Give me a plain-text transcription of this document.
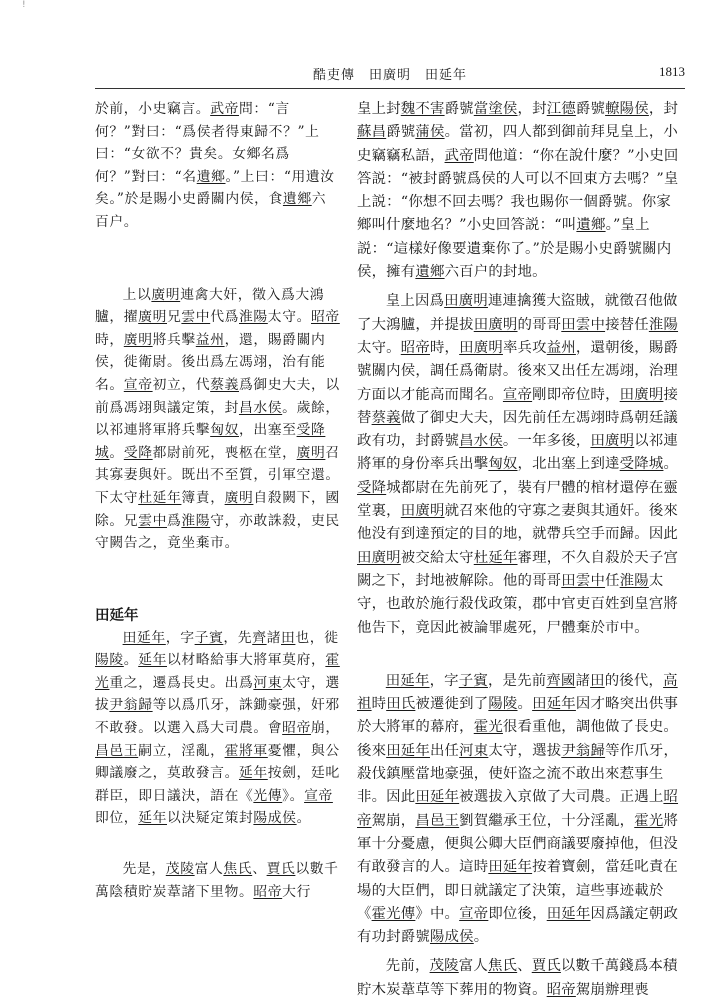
酷吏傳　田廣明　田延年	1813
!

於前，小史竊言。武帝問：“言何？”對曰：“爲侯者得東歸不？”上曰：“女欲不？貴矣。女鄉名爲何？”對曰：“名遺鄉。”上曰：“用遺汝矣。”於是賜小史爵關内侯，食遺鄉六百户。

上以廣明連禽大奸，徵入爲大鴻臚，擢廣明兄雲中代爲淮陽太守。昭帝時，廣明將兵擊益州，還，賜爵關内侯，徙衛尉。後出爲左馮翊，治有能名。宣帝初立，代蔡義爲御史大夫，以前爲馮翊與議定策，封昌水侯。歲餘，以祁連將軍將兵擊匈奴，出塞至受降城。受降都尉前死，喪柩在堂，廣明召其寡妻與奸。既出不至質，引軍空還。下太守杜延年簿責，廣明自殺闕下，國除。兄雲中爲淮陽守，亦敢誅殺，吏民守闕告之，竟坐棄市。

田延年

田延年，字子賓，先齊諸田也，徙陽陵。延年以材略給事大將軍莫府，霍光重之，遷爲長史。出爲河東太守，選拔尹翁歸等以爲爪牙，誅鋤豪强，奸邪不敢發。以選入爲大司農。會昭帝崩，昌邑王嗣立，淫亂，霍將軍憂懼，與公卿議廢之，莫敢發言。延年按劍，廷叱群臣，即日議決，語在《光傳》。宣帝即位，延年以決疑定策封陽成侯。

先是，茂陵富人焦氏、賈氏以數千萬陰積貯炭葦諸下里物。昭帝大行

皇上封魏不害爵號當塗侯，封江德爵號轑陽侯，封蘇昌爵號蒲侯。當初，四人都到御前拜見皇上，小史竊竊私語，武帝問他道：“你在說什麼？”小史回答説：“被封爵號爲侯的人可以不回東方去嗎？”皇上説：“你想不回去嗎？我也賜你一個爵號。你家鄉叫什麼地名？”小史回答説：“叫遺鄉。”皇上説：“這樣好像要遺棄你了。”於是賜小史爵號關内侯，擁有遺鄉六百户的封地。

皇上因爲田廣明連連擒獲大盜賊，就徵召他做了大鴻臚，并提拔田廣明的哥哥田雲中接替任淮陽太守。昭帝時，田廣明率兵攻益州，還朝後，賜爵號關内侯，調任爲衛尉。後來又出任左馮翊，治理方面以才能高而聞名。宣帝剛即帝位時，田廣明接替蔡義做了御史大夫，因先前任左馮翊時爲朝廷議政有功，封爵號昌水侯。一年多後，田廣明以祁連將軍的身份率兵出擊匈奴，北出塞上到達受降城。受降城都尉在先前死了，裝有尸體的棺材還停在靈堂裏，田廣明就召來他的守寡之妻與其通奸。後來他没有到達預定的目的地，就帶兵空手而歸。因此田廣明被交給太守杜延年審理，不久自殺於天子宫闕之下，封地被解除。他的哥哥田雲中任淮陽太守，也敢於施行殺伐政策，郡中官吏百姓到皇宫將他告下，竟因此被論罪處死，尸體棄於市中。

田延年，字子賓，是先前齊國諸田的後代，高祖時田氏被遷徙到了陽陵。田延年因才略突出供事於大將軍的幕府，霍光很看重他，調他做了長史。後來田延年出任河東太守，選拔尹翁歸等作爪牙，殺伐鎮壓當地豪强，使奸盗之流不敢出來惹事生非。因此田延年被選拔入京做了大司農。正遇上昭帝駕崩，昌邑王劉賀繼承王位，十分淫亂，霍光將軍十分憂慮，便與公卿大臣們商議要廢掉他，但没有敢發言的人。這時田延年按着寶劍，當廷叱責在場的大臣們，即日就議定了決策，這些事迹載於《霍光傳》中。宣帝即位後，田延年因爲議定朝政有功封爵號陽成侯。

先前，茂陵富人焦氏、賈氏以數千萬錢爲本積貯木炭葦草等下葬用的物資。昭帝駕崩辦理喪
